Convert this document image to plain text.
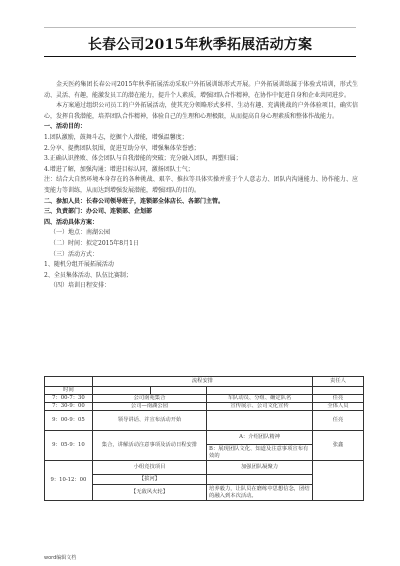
长春公司2015年秋季拓展活动方案

金天医药集团长春公司2015年秋季拓展活动采取户外拓展训练形式开展。户外拓展训练属于体验式培训，形式生动、灵活、有趣，能激发员工的潜在能力，提升个人素质，增强团队合作精神，在协作中促进自身和企业共同进步。

本方案通过组织公司员工的户外拓展活动，使其充分领略形式多样、生动有趣、充满挑战的户外体验项目，确实信心，发挥自我潜能，培养团队合作精神，体验自己的生理和心理极限，从而提高自身心理素质和整体作战能力。

一、活动目的：

1.团队激励，鼓舞斗志，挖掘个人潜能，增强温馨度；

2.分享、提携团队氛围，促进互助分享，增强集体荣誉感；

3.正确认识挫败、体会团队与自我潜能的突破；充分融入团队，再塑归属；

4.增进了解，加强沟通；增进目标认同，激扬团队士气；

注：结合大自然环境本身存在的各种挑战、艰辛、推拉等具体实操并重于个人意志力、团队内沟通能力、协作能力、应变能力等训练，从而达到增强发展潜能，增强团队的目的。

二、参加人员：长春公司领导班子，连锁部全体店长、各部门主管。

三、负责部门：办公司、连锁部、企划部

四、活动具体方案：

（一）地点：南湖公园

（二）时间：拟定2015年8月1日

（三）活动方式：

1、随机分组开展拓展活动

2、全员集体活动、队伍比赛制；

（四）培训日程安排：

	流程安排			责任人
时间				
7：00-7：30	公司南苑集合		车队动员、分组、确定队名	任亮
7：30-9：00	公司—南湖公园		宣传展示、公司文化宣传	全体人员
9：00-9：05	领导讲话、并宣布活动开始			任亮
9：05-9：10	集合，讲解活动注意事项及活动日程安排		A：介绍团队精神	张鑫
			B：展现团队文化、知道及注意事项宣布有效的	
9：10-12：00	小组竞技项目		加强团队凝聚力	
	【拔河】			
	【无敌风火轮】		培养毅力，让队员在磨练中思想信念，团结的融入到本次活动。	
word编辑文档
